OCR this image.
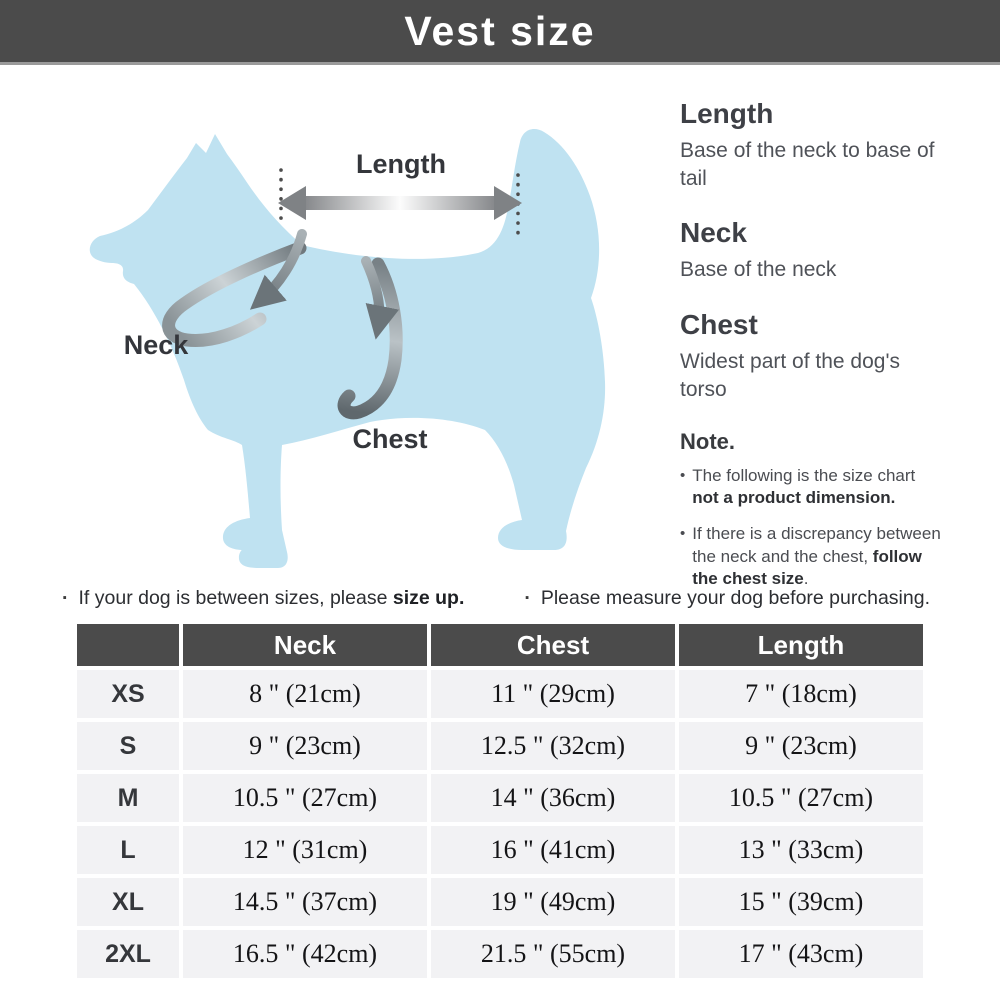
Vest size
Length
Neck
Chest
Length
Base of the neck to base of tail
Neck
Base of the neck
Chest
Widest part of the dog's torso
Note.
• The following is the size chart
not a product dimension.
• If there is a discrepancy between the neck and the chest, follow the chest size.
· If your dog is between sizes, please size up.	· Please measure your dog before purchasing.
	Neck	Chest	Length
XS	8 " (21cm)	11 " (29cm)	7 " (18cm)
S	9 " (23cm)	12.5 " (32cm)	9 " (23cm)
M	10.5 " (27cm)	14 " (36cm)	10.5 " (27cm)
L	12 " (31cm)	16 " (41cm)	13 " (33cm)
XL	14.5 " (37cm)	19 " (49cm)	15 " (39cm)
2XL	16.5 " (42cm)	21.5 " (55cm)	17 " (43cm)
